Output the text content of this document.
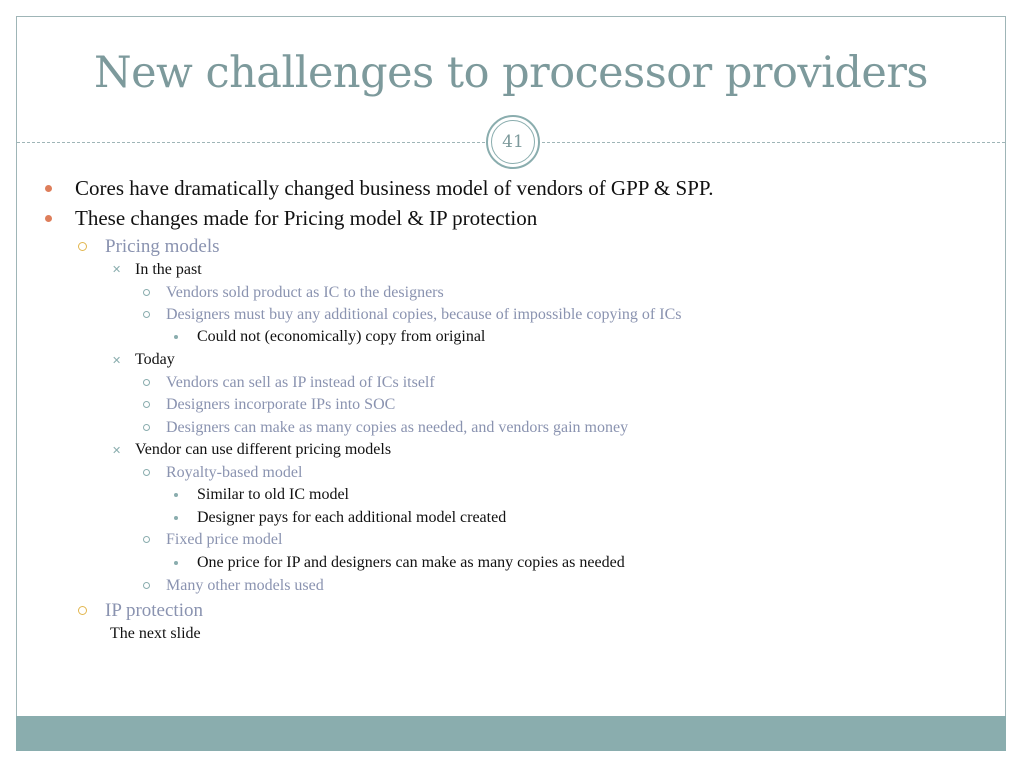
New challenges to processor providers
41
Cores have dramatically changed business model of vendors of GPP & SPP.
These changes made for Pricing model & IP protection
Pricing models
✕ In the past
Vendors sold product as IC to the designers
Designers must buy any additional copies, because of impossible copying of ICs
Could not (economically) copy from original
✕ Today
Vendors can sell as IP instead of ICs itself
Designers incorporate IPs into SOC
Designers can make as many copies as needed, and vendors gain money
✕ Vendor can use different pricing models
Royalty-based model
Similar to old IC model
Designer pays for each additional model created
Fixed price model
One price for IP and designers can make as many copies as needed
Many other models used
IP protection
The next slide
